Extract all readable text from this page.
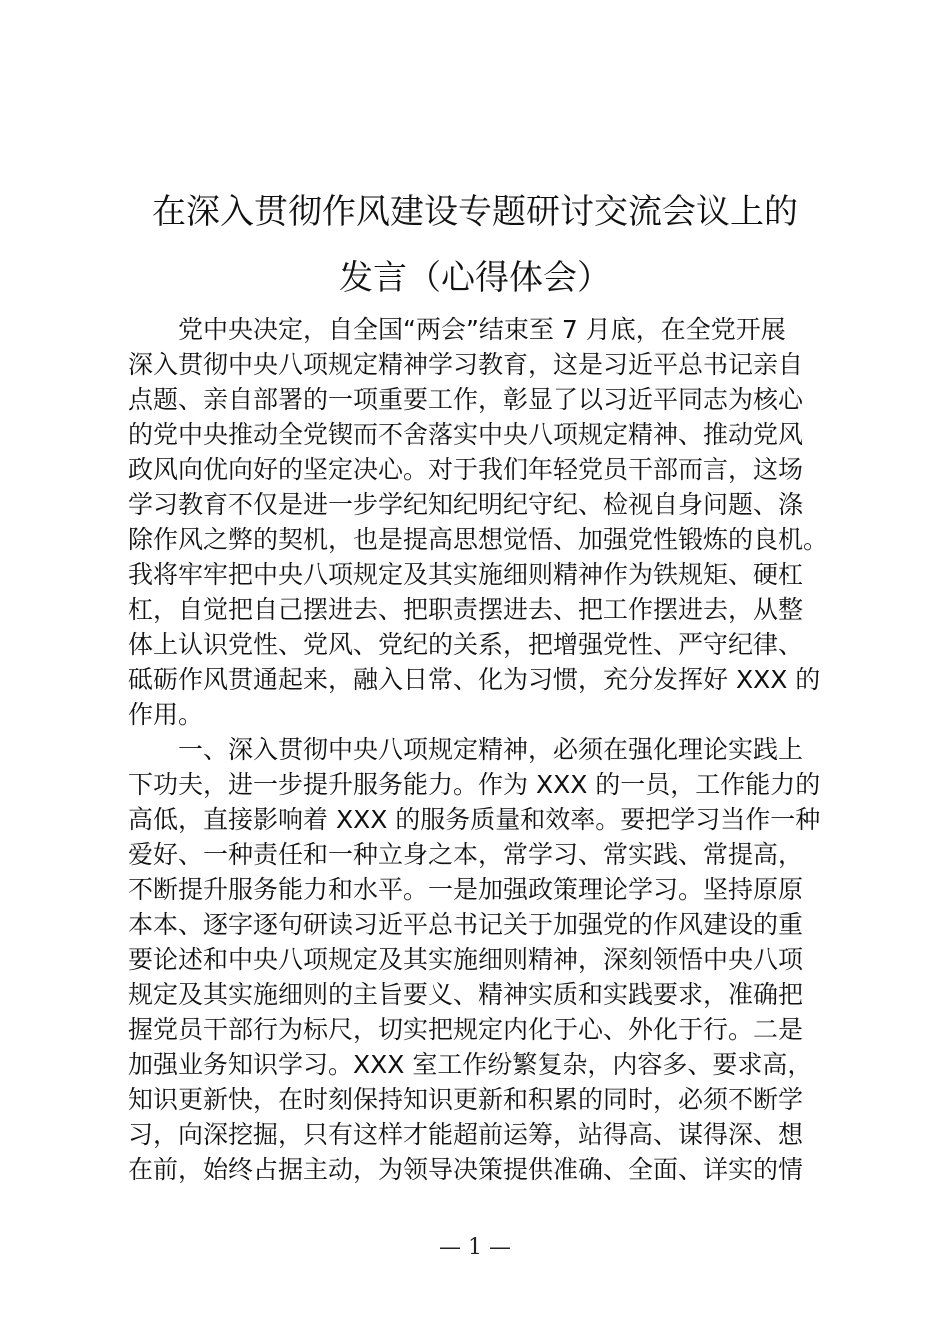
在深入贯彻作风建设专题研讨交流会议上的
发言（心得体会）
党中央决定，自全国“两会”结束至 7 月底，在全党开展
深入贯彻中央八项规定精神学习教育，这是习近平总书记亲自
点题、亲自部署的一项重要工作，彰显了以习近平同志为核心
的党中央推动全党锲而不舍落实中央八项规定精神、推动党风
政风向优向好的坚定决心。对于我们年轻党员干部而言，这场
学习教育不仅是进一步学纪知纪明纪守纪、检视自身问题、涤
除作风之弊的契机，也是提高思想觉悟、加强党性锻炼的良机。
我将牢牢把中央八项规定及其实施细则精神作为铁规矩、硬杠
杠，自觉把自己摆进去、把职责摆进去、把工作摆进去，从整
体上认识党性、党风、党纪的关系，把增强党性、严守纪律、
砥砺作风贯通起来，融入日常、化为习惯，充分发挥好 XXX 的
作用。
一、深入贯彻中央八项规定精神，必须在强化理论实践上
下功夫，进一步提升服务能力。作为 XXX 的一员，工作能力的
高低，直接影响着 XXX 的服务质量和效率。要把学习当作一种
爱好、一种责任和一种立身之本，常学习、常实践、常提高，
不断提升服务能力和水平。一是加强政策理论学习。坚持原原
本本、逐字逐句研读习近平总书记关于加强党的作风建设的重
要论述和中央八项规定及其实施细则精神，深刻领悟中央八项
规定及其实施细则的主旨要义、精神实质和实践要求，准确把
握党员干部行为标尺，切实把规定内化于心、外化于行。二是
加强业务知识学习。XXX 室工作纷繁复杂，内容多、要求高，
知识更新快，在时刻保持知识更新和积累的同时，必须不断学
习，向深挖掘，只有这样才能超前运筹，站得高、谋得深、想
在前，始终占据主动，为领导决策提供准确、全面、详实的情
— 1 —
